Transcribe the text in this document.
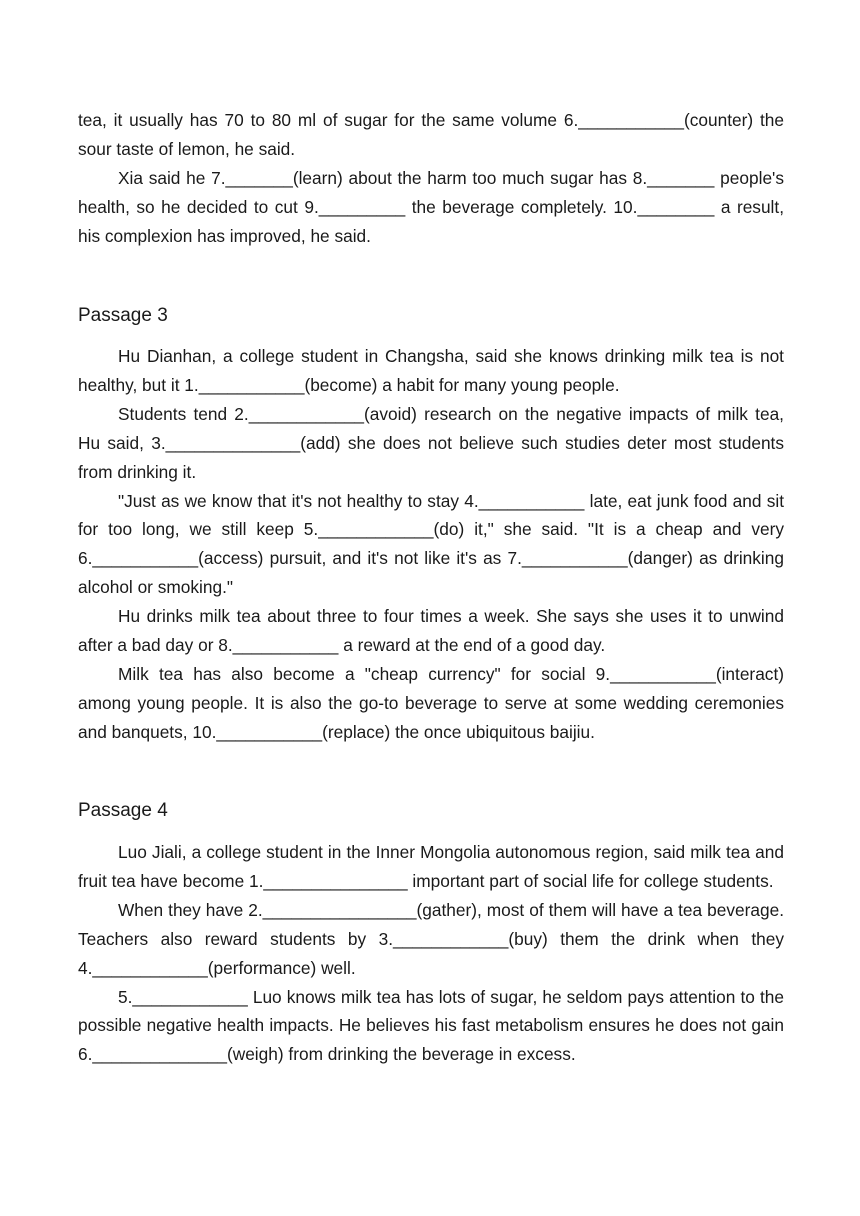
tea, it usually has 70 to 80 ml of sugar for the same volume 6.___________(counter) the sour taste of lemon, he said.

Xia said he 7._______(learn) about the harm too much sugar has 8._______ people's health, so he decided to cut 9._________ the beverage completely. 10.________ a result, his complexion has improved, he said.

Passage 3

Hu Dianhan, a college student in Changsha, said she knows drinking milk tea is not healthy, but it 1.___________(become) a habit for many young people.

Students tend 2.____________(avoid) research on the negative impacts of milk tea, Hu said, 3.______________(add) she does not believe such studies deter most students from drinking it.

"Just as we know that it's not healthy to stay 4.___________ late, eat junk food and sit for too long, we still keep 5.____________(do) it," she said. "It is a cheap and very 6.___________(access) pursuit, and it's not like it's as 7.___________(danger) as drinking alcohol or smoking."

Hu drinks milk tea about three to four times a week. She says she uses it to unwind after a bad day or 8.___________ a reward at the end of a good day.

Milk tea has also become a "cheap currency" for social 9.___________(interact) among young people. It is also the go-to beverage to serve at some wedding ceremonies and banquets, 10.___________(replace) the once ubiquitous baijiu.

Passage 4

Luo Jiali, a college student in the Inner Mongolia autonomous region, said milk tea and fruit tea have become 1._______________ important part of social life for college students.

When they have 2.________________(gather), most of them will have a tea beverage. Teachers also reward students by 3.____________(buy) them the drink when they 4.____________(performance) well.

5.____________ Luo knows milk tea has lots of sugar, he seldom pays attention to the possible negative health impacts. He believes his fast metabolism ensures he does not gain 6.______________(weigh) from drinking the beverage in excess.
